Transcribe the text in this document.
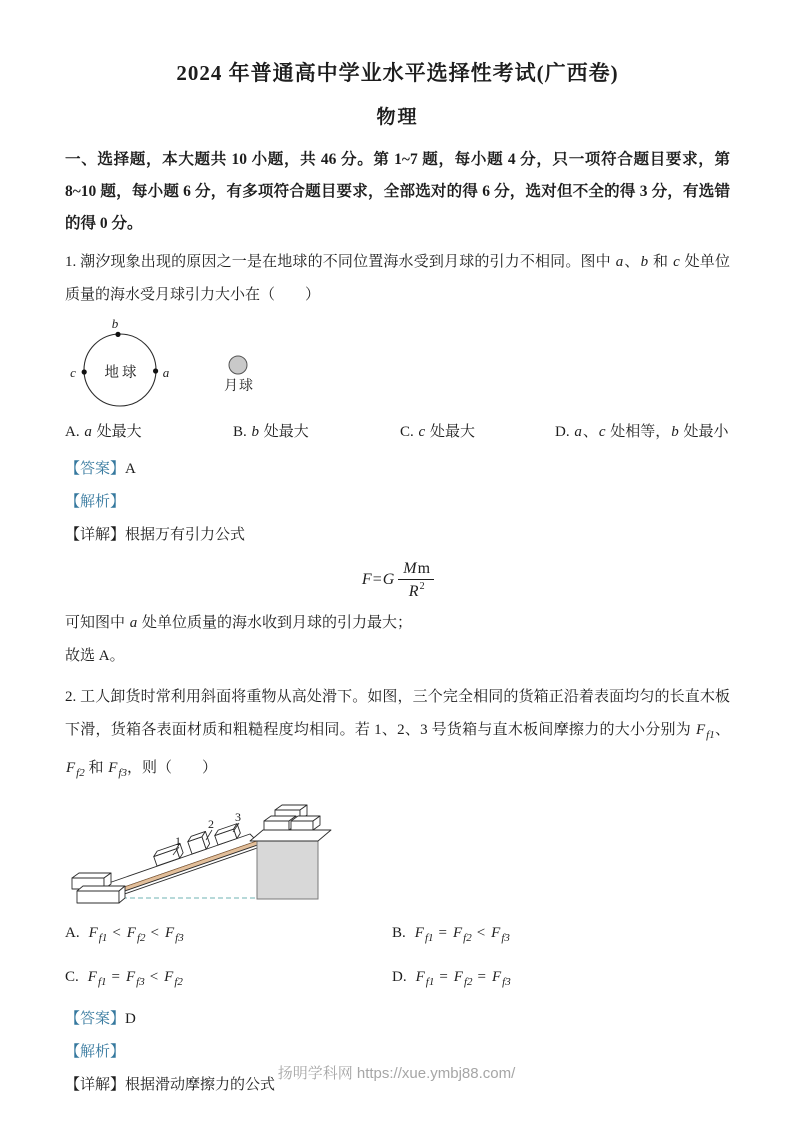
2024 年普通高中学业水平选择性考试(广西卷)

物理

一、选择题，本大题共 10 小题，共 46 分。第 1~7 题，每小题 4 分，只一项符合题目要求，第 8~10 题，每小题 6 分，有多项符合题目要求，全部选对的得 6 分，选对但不全的得 3 分，有选错的得 0 分。

1. 潮汐现象出现的原因之一是在地球的不同位置海水受到月球的引力不相同。图中 a、b 和 c 处单位质量的海水受月球引力大小在（　　）

b
c	a
地球
月球
A. a 处最大	B. b 处最大	C. c 处最大	D. a、c 处相等，b 处最小

【答案】A

【解析】

【详解】根据万有引力公式

$F=G \frac{Mm}{R^2}$

可知图中 a 处单位质量的海水收到月球的引力最大；

故选 A。

2. 工人卸货时常利用斜面将重物从高处滑下。如图，三个完全相同的货箱正沿着表面均匀的长直木板下滑，货箱各表面材质和粗糙程度均相同。若 1、2、3 号货箱与直木板间摩擦力的大小分别为 $F_{f1}$、$F_{f2}$ 和 $F_{f3}$，则（　　）

1
2 3
A. $F_{f1} < F_{f2} < F_{f3}$	B. $F_{f1} = F_{f2} < F_{f3}$
C. $F_{f1} = F_{f3} < F_{f2}$	D. $F_{f1} = F_{f2} = F_{f3}$

【答案】D

【解析】

【详解】根据滑动摩擦力的公式

扬明学科网 https://xue.ymbj88.com/
